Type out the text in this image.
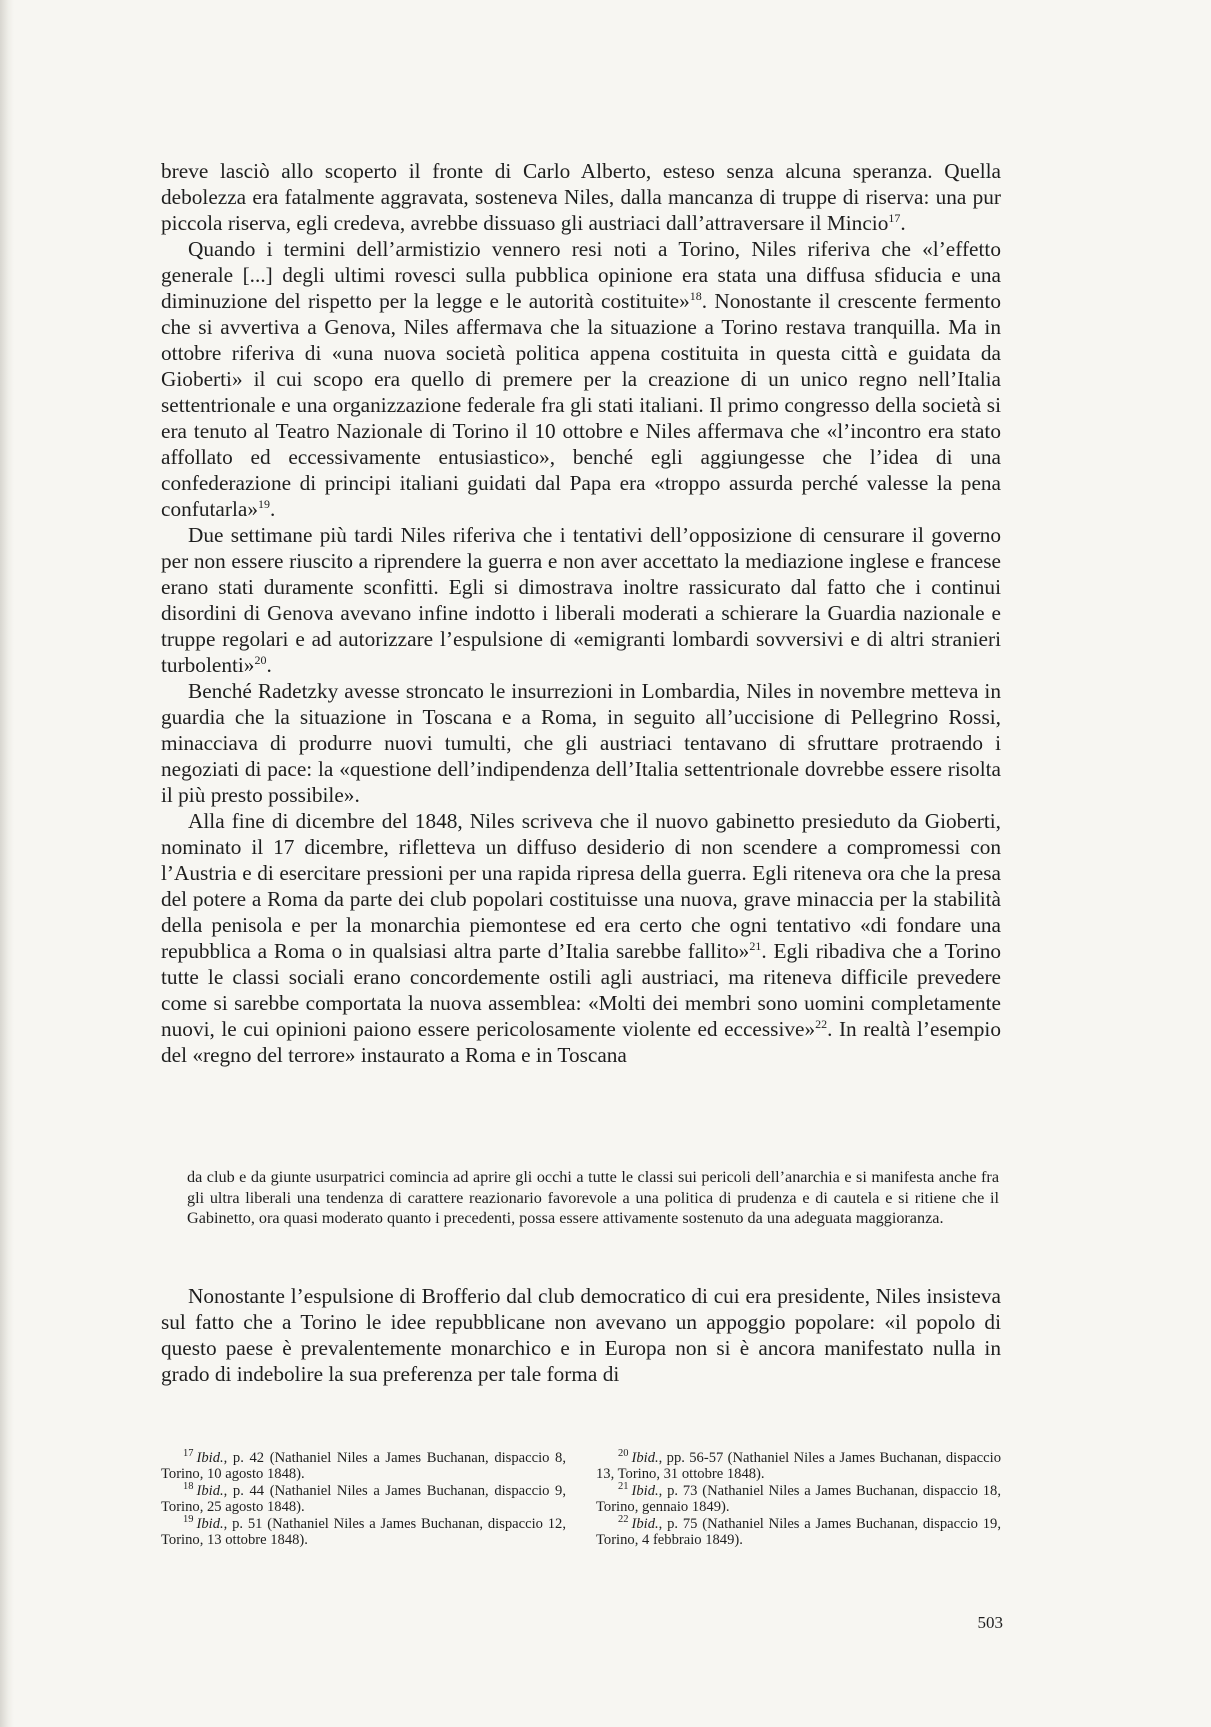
breve lasciò allo scoperto il fronte di Carlo Alberto, esteso senza alcuna speranza. Quella debolezza era fatalmente aggravata, sosteneva Niles, dalla mancanza di truppe di riserva: una pur piccola riserva, egli credeva, avrebbe dissuaso gli austriaci dall’attraversare il Mincio$^{17}$.

Quando i termini dell’armistizio vennero resi noti a Torino, Niles riferiva che «l’effetto generale [...] degli ultimi rovesci sulla pubblica opinione era stata una diffusa sfiducia e una diminuzione del rispetto per la legge e le autorità costituite»$^{18}$. Nonostante il crescente fermento che si avvertiva a Genova, Niles affermava che la situazione a Torino restava tranquilla. Ma in ottobre riferiva di «una nuova società politica appena costituita in questa città e guidata da Gioberti» il cui scopo era quello di premere per la creazione di un unico regno nell’Italia settentrionale e una organizzazione federale fra gli stati italiani. Il primo congresso della società si era tenuto al Teatro Nazionale di Torino il 10 ottobre e Niles affermava che «l’incontro era stato affollato ed eccessivamente entusiastico», benché egli aggiungesse che l’idea di una confederazione di principi italiani guidati dal Papa era «troppo assurda perché valesse la pena confutarla»$^{19}$.

Due settimane più tardi Niles riferiva che i tentativi dell’opposizione di censurare il governo per non essere riuscito a riprendere la guerra e non aver accettato la mediazione inglese e francese erano stati duramente sconfitti. Egli si dimostrava inoltre rassicurato dal fatto che i continui disordini di Genova avevano infine indotto i liberali moderati a schierare la Guardia nazionale e truppe regolari e ad autorizzare l’espulsione di «emigranti lombardi sovversivi e di altri stranieri turbolenti»$^{20}$.

Benché Radetzky avesse stroncato le insurrezioni in Lombardia, Niles in novembre metteva in guardia che la situazione in Toscana e a Roma, in seguito all’uccisione di Pellegrino Rossi, minacciava di produrre nuovi tumulti, che gli austriaci tentavano di sfruttare protraendo i negoziati di pace: la «questione dell’indipendenza dell’Italia settentrionale dovrebbe essere risolta il più presto possibile».

Alla fine di dicembre del 1848, Niles scriveva che il nuovo gabinetto presieduto da Gioberti, nominato il 17 dicembre, rifletteva un diffuso desiderio di non scendere a compromessi con l’Austria e di esercitare pressioni per una rapida ripresa della guerra. Egli riteneva ora che la presa del potere a Roma da parte dei club popolari costituisse una nuova, grave minaccia per la stabilità della penisola e per la monarchia piemontese ed era certo che ogni tentativo «di fondare una repubblica a Roma o in qualsiasi altra parte d’Italia sarebbe fallito»$^{21}$. Egli ribadiva che a Torino tutte le classi sociali erano concordemente ostili agli austriaci, ma riteneva difficile prevedere come si sarebbe comportata la nuova assemblea: «Molti dei membri sono uomini completamente nuovi, le cui opinioni paiono essere pericolosamente violente ed eccessive»$^{22}$. In realtà l’esempio del «regno del terrore» instaurato a Roma e in Toscana

da club e da giunte usurpatrici comincia ad aprire gli occhi a tutte le classi sui pericoli dell’anarchia e si manifesta anche fra gli ultra liberali una tendenza di carattere reazionario favorevole a una politica di prudenza e di cautela e si ritiene che il Gabinetto, ora quasi moderato quanto i precedenti, possa essere attivamente sostenuto da una adeguata maggioranza.

Nonostante l’espulsione di Brofferio dal club democratico di cui era presidente, Niles insisteva sul fatto che a Torino le idee repubblicane non avevano un appoggio popolare: «il popolo di questo paese è prevalentemente monarchico e in Europa non si è ancora manifestato nulla in grado di indebolire la sua preferenza per tale forma di

$^{17}$ Ibid., p. 42 (Nathaniel Niles a James Buchanan, dispaccio 8, Torino, 10 agosto 1848).

$^{18}$ Ibid., p. 44 (Nathaniel Niles a James Buchanan, dispaccio 9, Torino, 25 agosto 1848).

$^{19}$ Ibid., p. 51 (Nathaniel Niles a James Buchanan, dispaccio 12, Torino, 13 ottobre 1848).

$^{20}$ Ibid., pp. 56-57 (Nathaniel Niles a James Buchanan, dispaccio 13, Torino, 31 ottobre 1848).

$^{21}$ Ibid., p. 73 (Nathaniel Niles a James Buchanan, dispaccio 18, Torino, gennaio 1849).

$^{22}$ Ibid., p. 75 (Nathaniel Niles a James Buchanan, dispaccio 19, Torino, 4 febbraio 1849).

503
